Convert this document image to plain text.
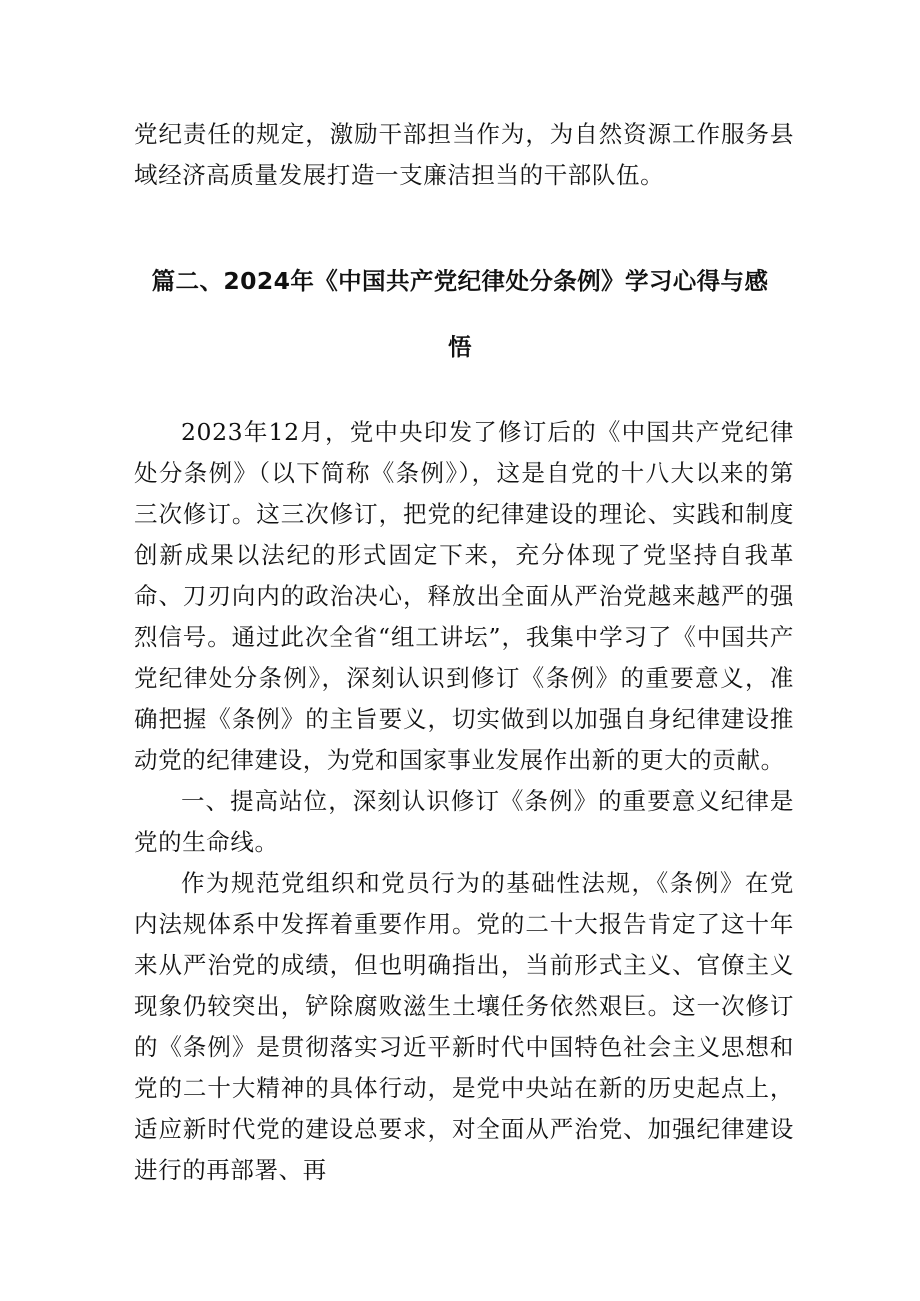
党纪责任的规定，激励干部担当作为，为自然资源工作服务县域经济高质量发展打造一支廉洁担当的干部队伍。
篇二、2024年《中国共产党纪律处分条例》学习心得与感悟

2023年12月，党中央印发了修订后的《中国共产党纪律处分条例》（以下简称《条例》），这是自党的十八大以来的第三次修订。这三次修订，把党的纪律建设的理论、实践和制度创新成果以法纪的形式固定下来，充分体现了党坚持自我革命、刀刃向内的政治决心，释放出全面从严治党越来越严的强烈信号。通过此次全省“组工讲坛”，我集中学习了《中国共产党纪律处分条例》，深刻认识到修订《条例》的重要意义，准确把握《条例》的主旨要义，切实做到以加强自身纪律建设推动党的纪律建设，为党和国家事业发展作出新的更大的贡献。

一、提高站位，深刻认识修订《条例》的重要意义纪律是党的生命线。

作为规范党组织和党员行为的基础性法规，《条例》在党内法规体系中发挥着重要作用。党的二十大报告肯定了这十年来从严治党的成绩，但也明确指出，当前形式主义、官僚主义现象仍较突出，铲除腐败滋生土壤任务依然艰巨。这一次修订的《条例》是贯彻落实习近平新时代中国特色社会主义思想和党的二十大精神的具体行动，是党中央站在新的历史起点上，适应新时代党的建设总要求，对全面从严治党、加强纪律建设进行的再部署、再
